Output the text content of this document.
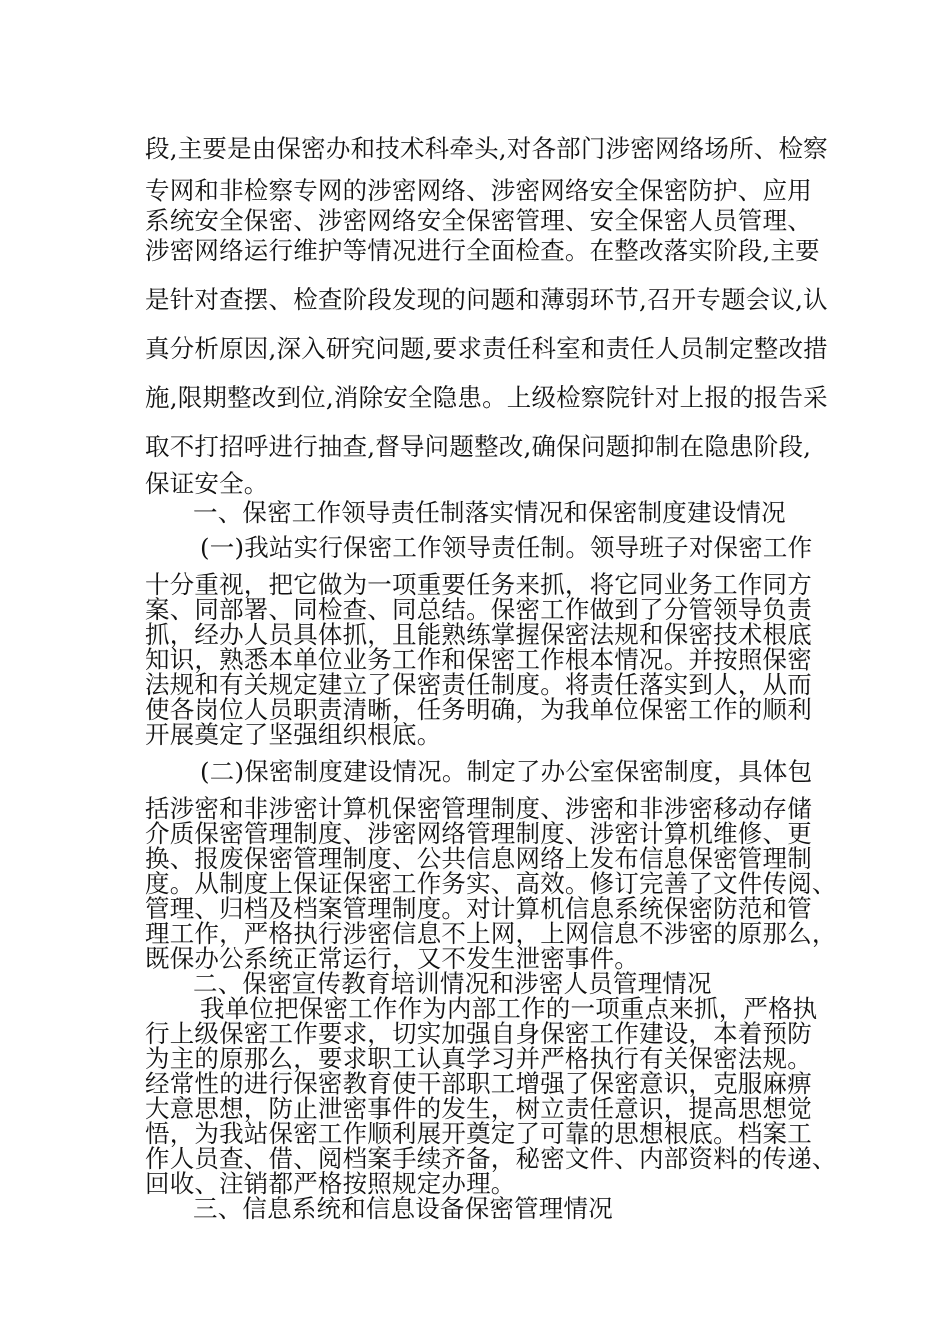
段,主要是由保密办和技术科牵头,对各部门涉密网络场所、检察

专网和非检察专网的涉密网络、涉密网络安全保密防护、应用

系统安全保密、涉密网络安全保密管理、安全保密人员管理、

涉密网络运行维护等情况进行全面检查。在整改落实阶段,主要

是针对查摆、检查阶段发现的问题和薄弱环节,召开专题会议,认

真分析原因,深入研究问题,要求责任科室和责任人员制定整改措

施,限期整改到位,消除安全隐患。上级检察院针对上报的报告采

取不打招呼进行抽查,督导问题整改,确保问题抑制在隐患阶段,

保证安全。

一、保密工作领导责任制落实情况和保密制度建设情况

(一)我站实行保密工作领导责任制。领导班子对保密工作

十分重视，把它做为一项重要任务来抓，将它同业务工作同方

案、同部署、同检查、同总结。保密工作做到了分管领导负责

抓，经办人员具体抓，且能熟练掌握保密法规和保密技术根底

知识，熟悉本单位业务工作和保密工作根本情况。并按照保密

法规和有关规定建立了保密责任制度。将责任落实到人，从而

使各岗位人员职责清晰，任务明确，为我单位保密工作的顺利

开展奠定了坚强组织根底。

(二)保密制度建设情况。制定了办公室保密制度，具体包

括涉密和非涉密计算机保密管理制度、涉密和非涉密移动存储

介质保密管理制度、涉密网络管理制度、涉密计算机维修、更

换、报废保密管理制度、公共信息网络上发布信息保密管理制

度。从制度上保证保密工作务实、高效。修订完善了文件传阅、

管理、归档及档案管理制度。对计算机信息系统保密防范和管

理工作，严格执行涉密信息不上网，上网信息不涉密的原那么，

既保办公系统正常运行，又不发生泄密事件。

二、保密宣传教育培训情况和涉密人员管理情况

我单位把保密工作作为内部工作的一项重点来抓，严格执

行上级保密工作要求，切实加强自身保密工作建设，本着预防

为主的原那么，要求职工认真学习并严格执行有关保密法规。

经常性的进行保密教育使干部职工增强了保密意识，克服麻痹

大意思想，防止泄密事件的发生，树立责任意识，提高思想觉

悟，为我站保密工作顺利展开奠定了可靠的思想根底。档案工

作人员查、借、阅档案手续齐备，秘密文件、内部资料的传递、

回收、注销都严格按照规定办理。

三、信息系统和信息设备保密管理情况
